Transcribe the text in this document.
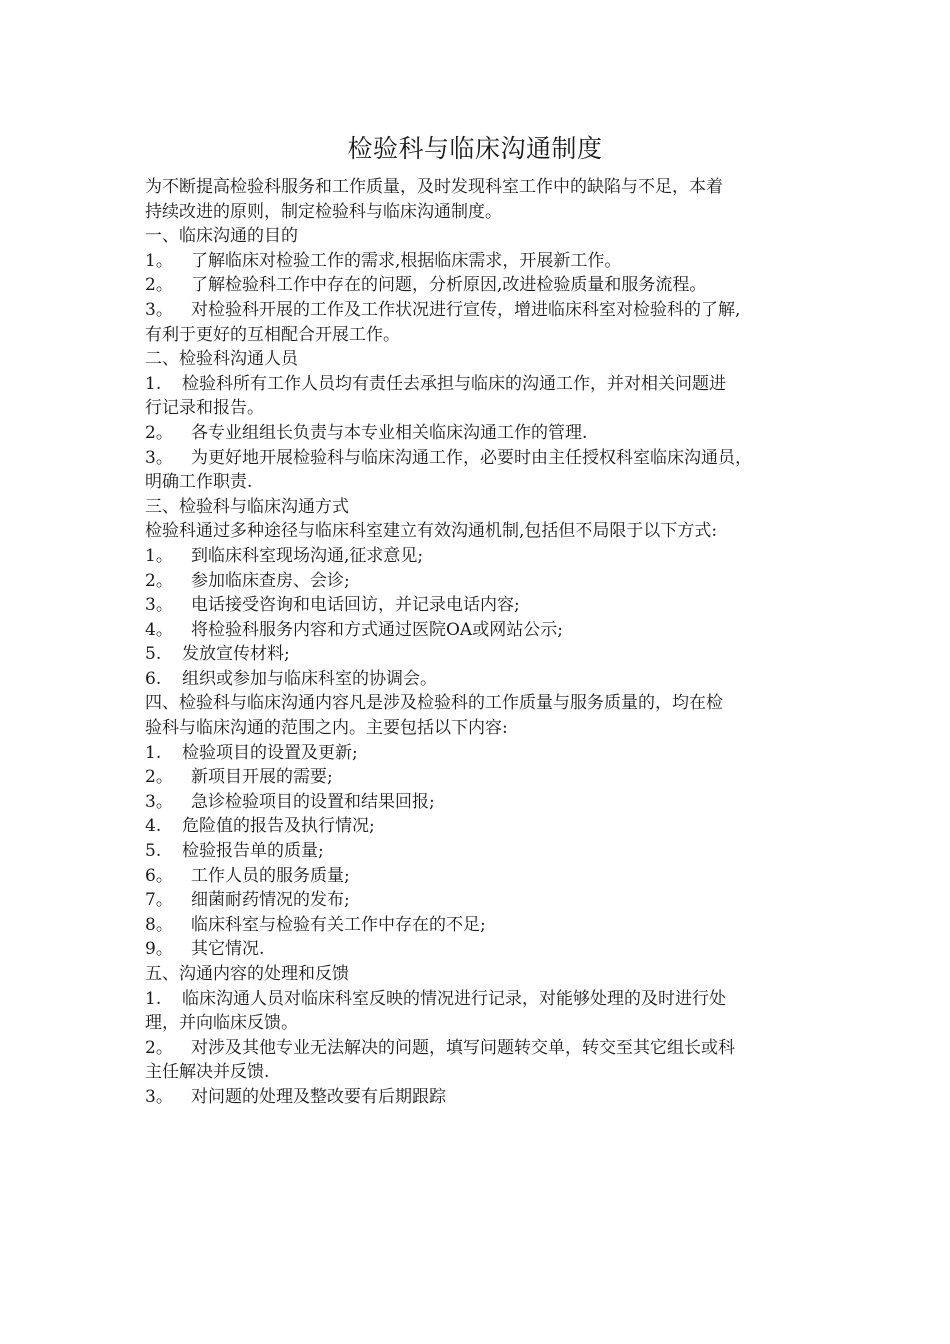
检验科与临床沟通制度
为不断提高检验科服务和工作质量，及时发现科室工作中的缺陷与不足，本着
持续改进的原则，制定检验科与临床沟通制度。
一、临床沟通的目的
1。 了解临床对检验工作的需求,根据临床需求，开展新工作。
2。 了解检验科工作中存在的问题，分析原因,改进检验质量和服务流程。
3。 对检验科开展的工作及工作状况进行宣传，增进临床科室对检验科的了解,
有利于更好的互相配合开展工作。
二、检验科沟通人员
1. 检验科所有工作人员均有责任去承担与临床的沟通工作，并对相关问题进
行记录和报告。
2。 各专业组组长负责与本专业相关临床沟通工作的管理.
3。 为更好地开展检验科与临床沟通工作，必要时由主任授权科室临床沟通员，
明确工作职责.
三、检验科与临床沟通方式
检验科通过多种途径与临床科室建立有效沟通机制,包括但不局限于以下方式:
1。 到临床科室现场沟通,征求意见;
2。 参加临床查房、会诊;
3。 电话接受咨询和电话回访，并记录电话内容;
4。 将检验科服务内容和方式通过医院OA或网站公示;
5. 发放宣传材料;
6. 组织或参加与临床科室的协调会。
四、检验科与临床沟通内容凡是涉及检验科的工作质量与服务质量的，均在检
验科与临床沟通的范围之内。主要包括以下内容:
1. 检验项目的设置及更新;
2。 新项目开展的需要;
3。 急诊检验项目的设置和结果回报;
4. 危险值的报告及执行情况;
5. 检验报告单的质量;
6。 工作人员的服务质量;
7。 细菌耐药情况的发布;
8。 临床科室与检验有关工作中存在的不足;
9。 其它情况.
五、沟通内容的处理和反馈
1. 临床沟通人员对临床科室反映的情况进行记录，对能够处理的及时进行处
理，并向临床反馈。
2。 对涉及其他专业无法解决的问题，填写问题转交单，转交至其它组长或科
主任解决并反馈.
3。 对问题的处理及整改要有后期跟踪
